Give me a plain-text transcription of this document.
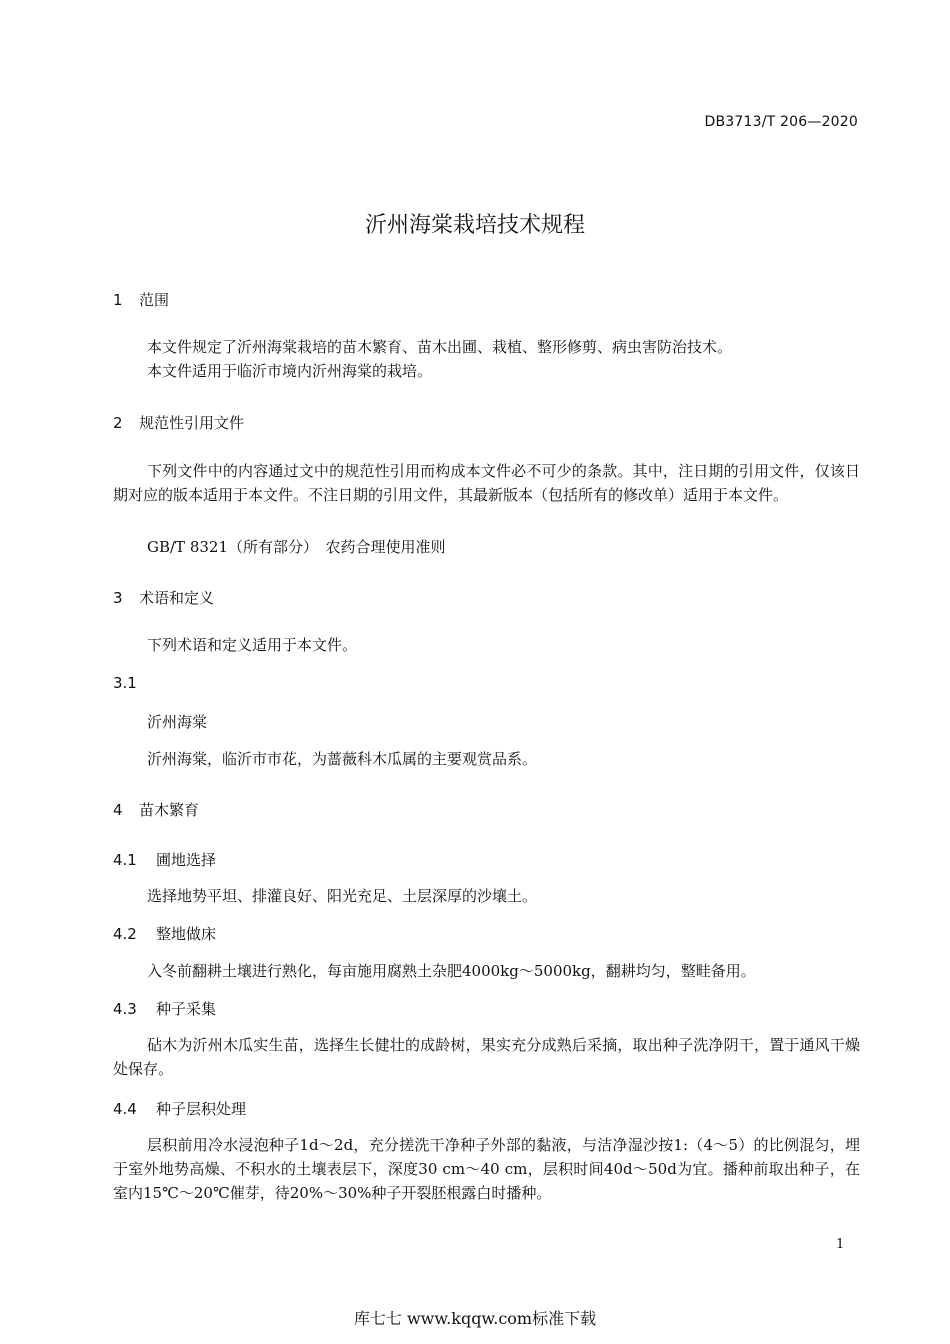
DB3713/T 206—2020
沂州海棠栽培技术规程
1 范围
本文件规定了沂州海棠栽培的苗木繁育、苗木出圃、栽植、整形修剪、病虫害防治技术。
本文件适用于临沂市境内沂州海棠的栽培。
2 规范性引用文件
下列文件中的内容通过文中的规范性引用而构成本文件必不可少的条款。其中，注日期的引用文件，仅该日期对应的版本适用于本文件。不注日期的引用文件，其最新版本（包括所有的修改单）适用于本文件。
GB/T 8321（所有部分）　农药合理使用准则
3 术语和定义
下列术语和定义适用于本文件。
3.1
沂州海棠
沂州海棠，临沂市市花，为蔷薇科木瓜属的主要观赏品系。
4 苗木繁育
4.1 圃地选择
选择地势平坦、排灌良好、阳光充足、土层深厚的沙壤土。
4.2 整地做床
入冬前翻耕土壤进行熟化，每亩施用腐熟土杂肥4000kg～5000kg，翻耕均匀，整畦备用。
4.3 种子采集
砧木为沂州木瓜实生苗，选择生长健壮的成龄树，果实充分成熟后采摘，取出种子洗净阴干，置于通风干燥处保存。
4.4 种子层积处理
层积前用冷水浸泡种子1d～2d，充分搓洗干净种子外部的黏液，与洁净湿沙按1:（4～5）的比例混匀，埋于室外地势高燥、不积水的土壤表层下，深度30 cm～40 cm，层积时间40d～50d为宜。播种前取出种子，在室内15℃～20℃催芽，待20%～30%种子开裂胚根露白时播种。
1
库七七 www.kqqw.com标准下载
